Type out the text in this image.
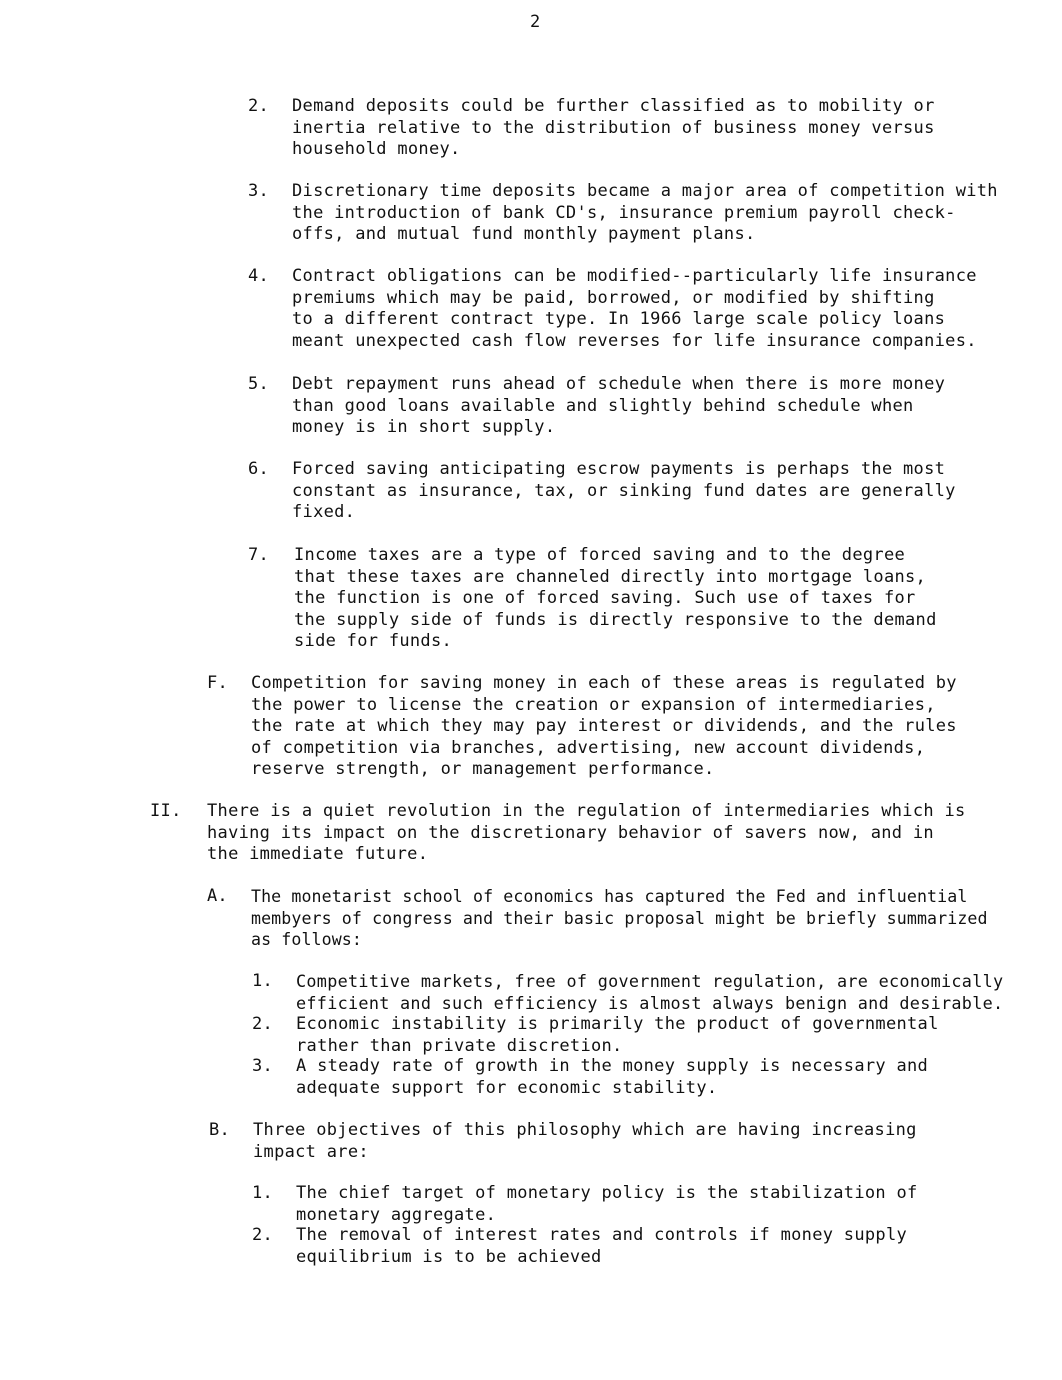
2
2. Demand deposits could be further classified as to mobility or
inertia relative to the distribution of business money versus
household money.
3. Discretionary time deposits became a major area of competition with
the introduction of bank CD's, insurance premium payroll check-
offs, and mutual fund monthly payment plans.
4. Contract obligations can be modified--particularly life insurance
premiums which may be paid, borrowed, or modified by shifting
to a different contract type. In 1966 large scale policy loans
meant unexpected cash flow reverses for life insurance companies.
5. Debt repayment runs ahead of schedule when there is more money
than good loans available and slightly behind schedule when
money is in short supply.
6. Forced saving anticipating escrow payments is perhaps the most
constant as insurance, tax, or sinking fund dates are generally
fixed.
7. Income taxes are a type of forced saving and to the degree
that these taxes are channeled directly into mortgage loans,
the function is one of forced saving. Such use of taxes for
the supply side of funds is directly responsive to the demand
side for funds.
F. Competition for saving money in each of these areas is regulated by
the power to license the creation or expansion of intermediaries,
the rate at which they may pay interest or dividends, and the rules
of competition via branches, advertising, new account dividends,
reserve strength, or management performance.
II. There is a quiet revolution in the regulation of intermediaries which is
having its impact on the discretionary behavior of savers now, and in
the immediate future.
A. The monetarist school of economics has captured the Fed and influential
membyers of congress and their basic proposal might be briefly summarized
as follows:
1. Competitive markets, free of government regulation, are economically
efficient and such efficiency is almost always benign and desirable.
2. Economic instability is primarily the product of governmental
rather than private discretion.
3. A steady rate of growth in the money supply is necessary and
adequate support for economic stability.
B. Three objectives of this philosophy which are having increasing
impact are:
1. The chief target of monetary policy is the stabilization of
monetary aggregate.
2. The removal of interest rates and controls if money supply
equilibrium is to be achieved
